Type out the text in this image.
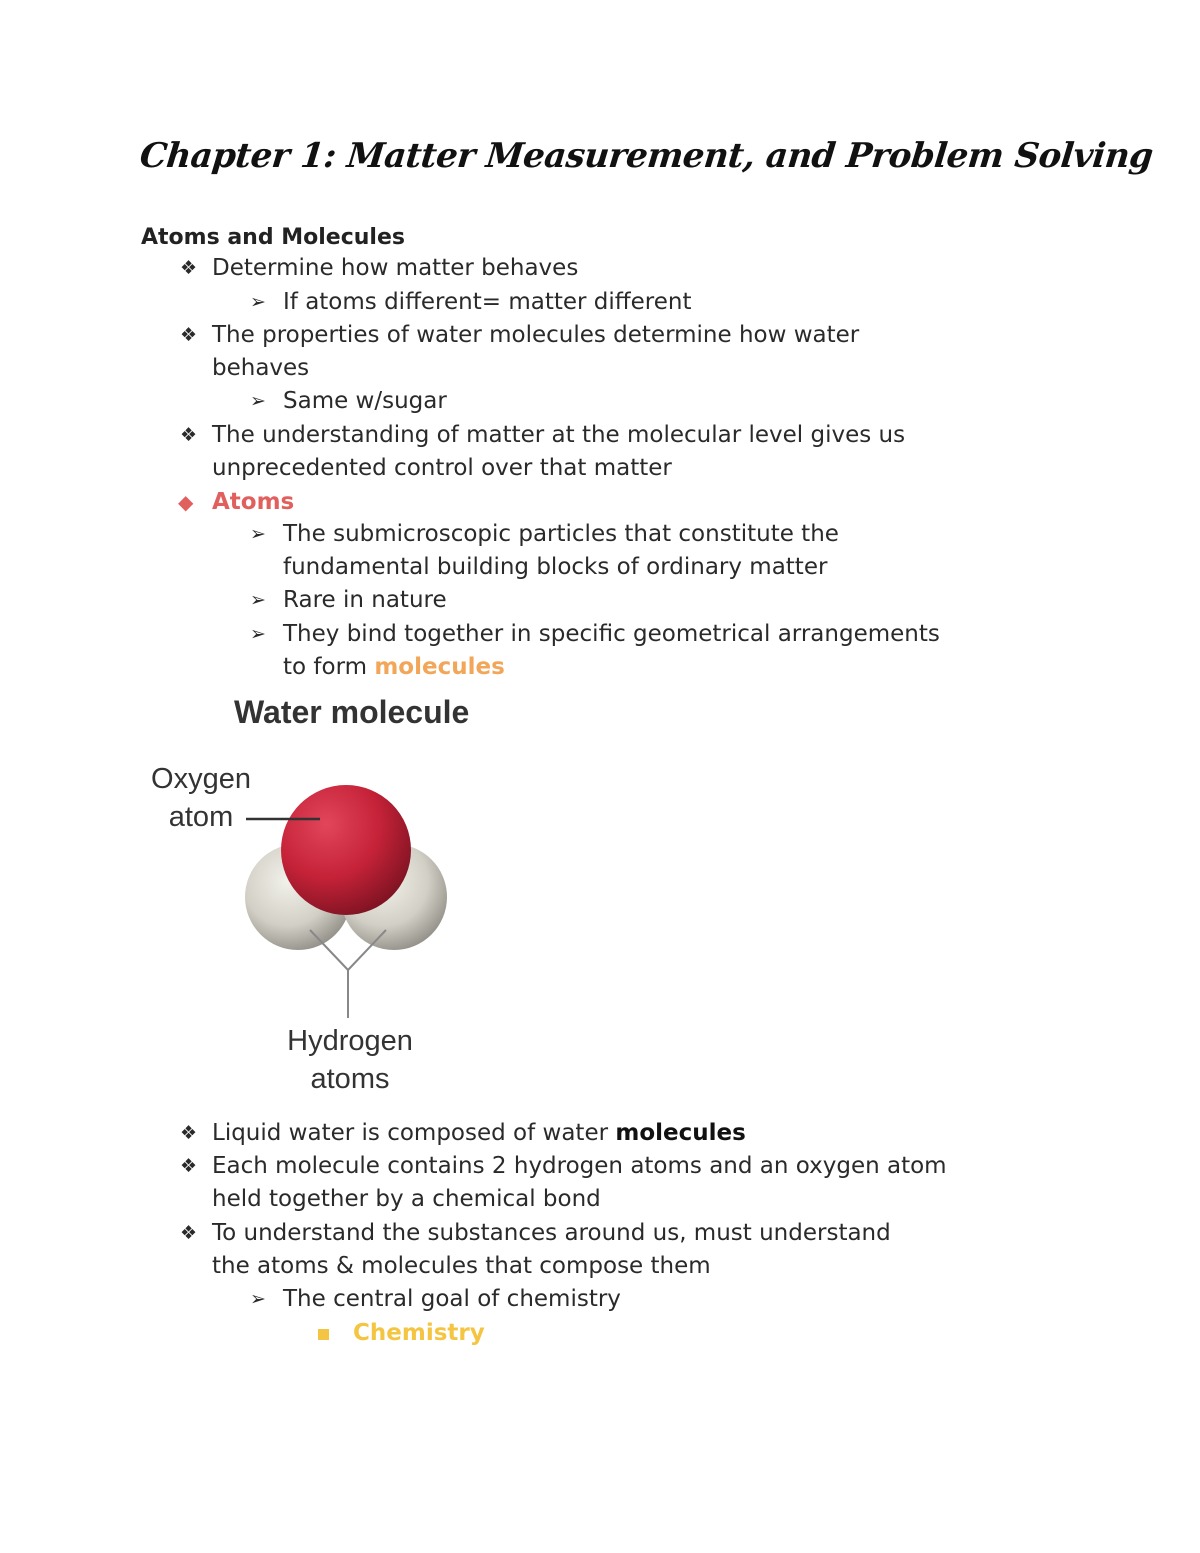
Chapter 1: Matter Measurement, and Problem Solving
Atoms and Molecules
❖ Determine how matter behaves
➢ If atoms different= matter different
❖ The properties of water molecules determine how water
behaves
➢ Same w/sugar
❖ The understanding of matter at the molecular level gives us
unprecedented control over that matter
◆ Atoms
➢ The submicroscopic particles that constitute the
fundamental building blocks of ordinary matter
➢ Rare in nature
➢ They bind together in specific geometrical arrangements
to form molecules
Water molecule
Oxygen
atom
Hydrogen
atoms
❖ Liquid water is composed of water molecules
❖ Each molecule contains 2 hydrogen atoms and an oxygen atom
held together by a chemical bond
❖ To understand the substances around us, must understand
the atoms & molecules that compose them
➢ The central goal of chemistry
Chemistry
